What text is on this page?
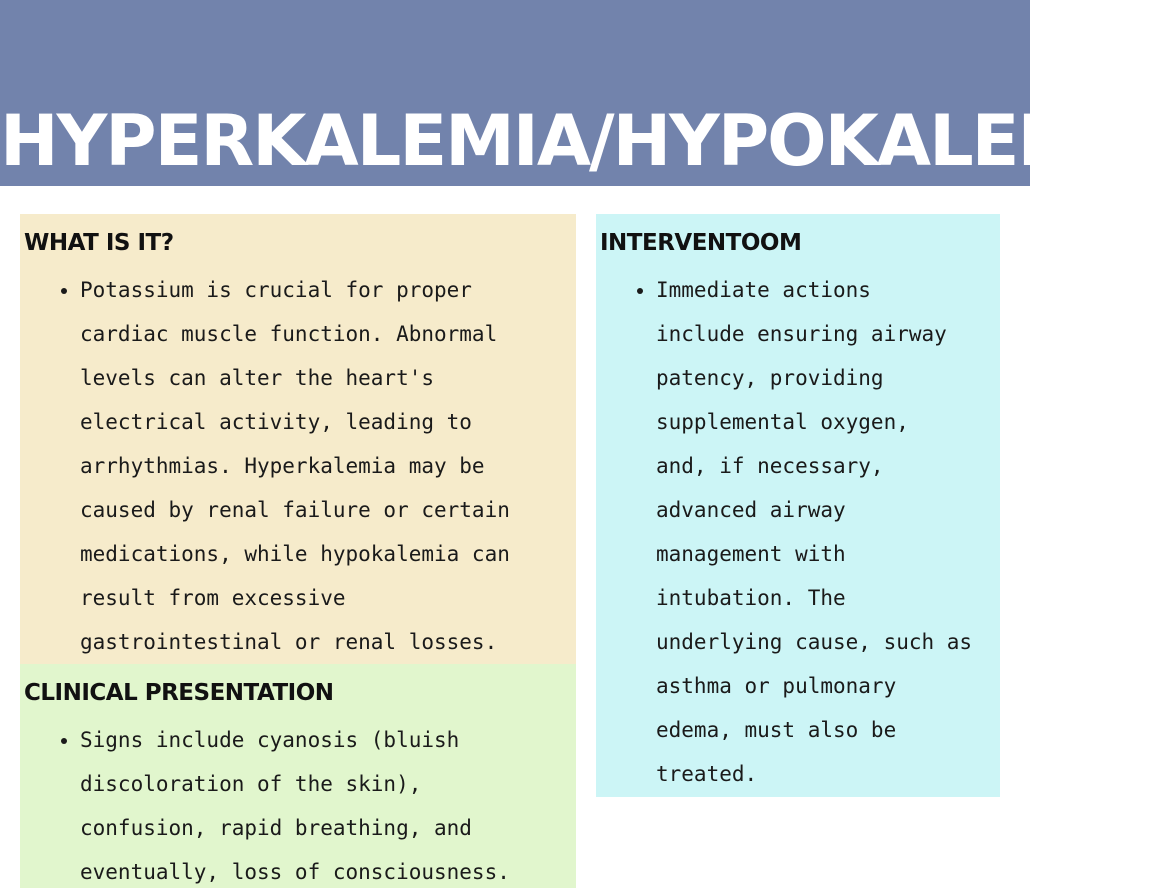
HYPERKALEMIA/HYPOKALEMIA
WHAT IS IT?
• Potassium is crucial for proper
cardiac muscle function. Abnormal
levels can alter the heart's
electrical activity, leading to
arrhythmias. Hyperkalemia may be
caused by renal failure or certain
medications, while hypokalemia can
result from excessive
gastrointestinal or renal losses.
CLINICAL PRESENTATION
• Signs include cyanosis (bluish
discoloration of the skin),
confusion, rapid breathing, and
eventually, loss of consciousness.
INTERVENTOOM
• Immediate actions
include ensuring airway
patency, providing
supplemental oxygen,
and, if necessary,
advanced airway
management with
intubation. The
underlying cause, such as
asthma or pulmonary
edema, must also be
treated.
